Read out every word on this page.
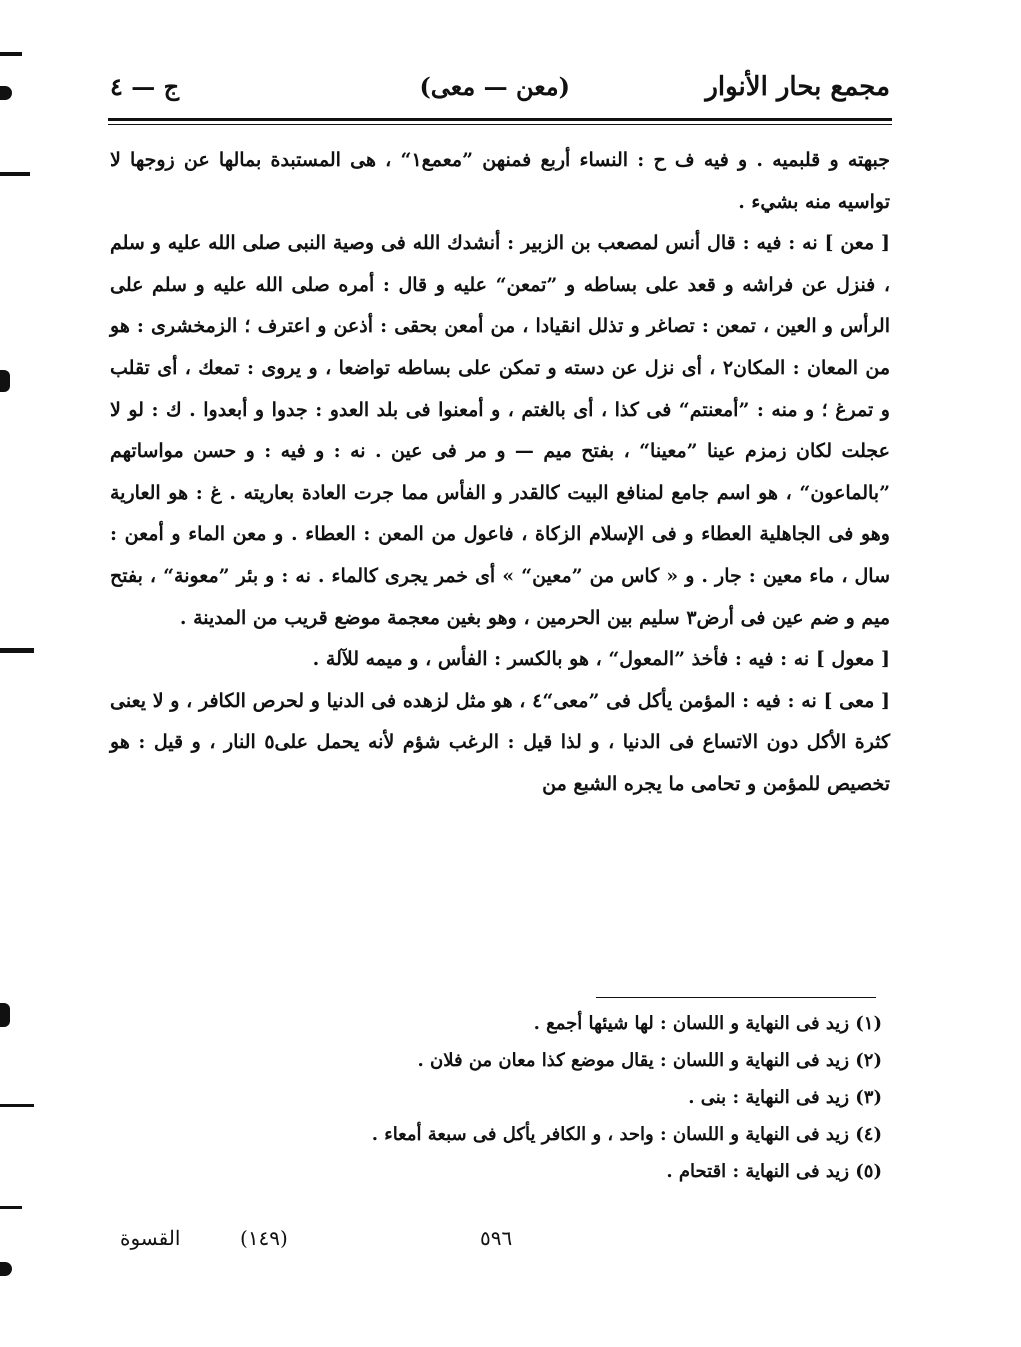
مجمع بحار الأنوار
(معن — معى)
ج — ٤

جبهته و قلبميه . و فيه ف ح : النساء أربع فمنهن ”معمع١“ ، هى المستبدة بمالها عن زوجها لا تواسيه منه بشيء .

[ معن ] نه : فيه : قال أنس لمصعب بن الزبير : أنشدك الله فى وصية النبى صلى الله عليه و سلم ، فنزل عن فراشه و قعد على بساطه و ”تمعن“ عليه و قال : أمره صلى الله عليه و سلم على الرأس و العين ، تمعن : تصاغر و تذلل انقيادا ، من أمعن بحقى : أذعن و اعترف ؛ الزمخشرى : هو من المعان : المكان٢ ، أى نزل عن دسته و تمكن على بساطه تواضعا ، و يروى : تمعك ، أى تقلب و تمرغ ؛ و منه : ”أمعنتم“ فى كذا ، أى بالغتم ، و أمعنوا فى بلد العدو : جدوا و أبعدوا . ك : لو لا عجلت لكان زمزم عينا ”معينا“ ، بفتح ميم — و مر فى عين . نه : و فيه : و حسن مواساتهم ”بالماعون“ ، هو اسم جامع لمنافع البيت كالقدر و الفأس مما جرت العادة بعاريته . غ : هو العارية وهو فى الجاهلية العطاء و فى الإسلام الزكاة ، فاعول من المعن : العطاء . و معن الماء و أمعن : سال ، ماء معين : جار . و « كاس من ”معين“ » أى خمر يجرى كالماء . نه : و بئر ”معونة“ ، بفتح ميم و ضم عين فى أرض٣ سليم بين الحرمين ، وهو بغين معجمة موضع قريب من المدينة .

[ معول ] نه : فيه : فأخذ ”المعول“ ، هو بالكسر : الفأس ، و ميمه للآلة .

[ معى ] نه : فيه : المؤمن يأكل فى ”معى“٤ ، هو مثل لزهده فى الدنيا و لحرص الكافر ، و لا يعنى كثرة الأكل دون الاتساع فى الدنيا ، و لذا قيل : الرغب شؤم لأنه يحمل على٥ النار ، و قيل : هو تخصيص للمؤمن و تحامى ما يجره الشبع من

(١) زيد فى النهاية و اللسان : لها شيئها أجمع .
(٢) زيد فى النهاية و اللسان : يقال موضع كذا معان من فلان .
(٣) زيد فى النهاية : بنى .
(٤) زيد فى النهاية و اللسان : واحد ، و الكافر يأكل فى سبعة أمعاء .
(٥) زيد فى النهاية : اقتحام .
٥٩٦
(١٤٩)
القسوة
